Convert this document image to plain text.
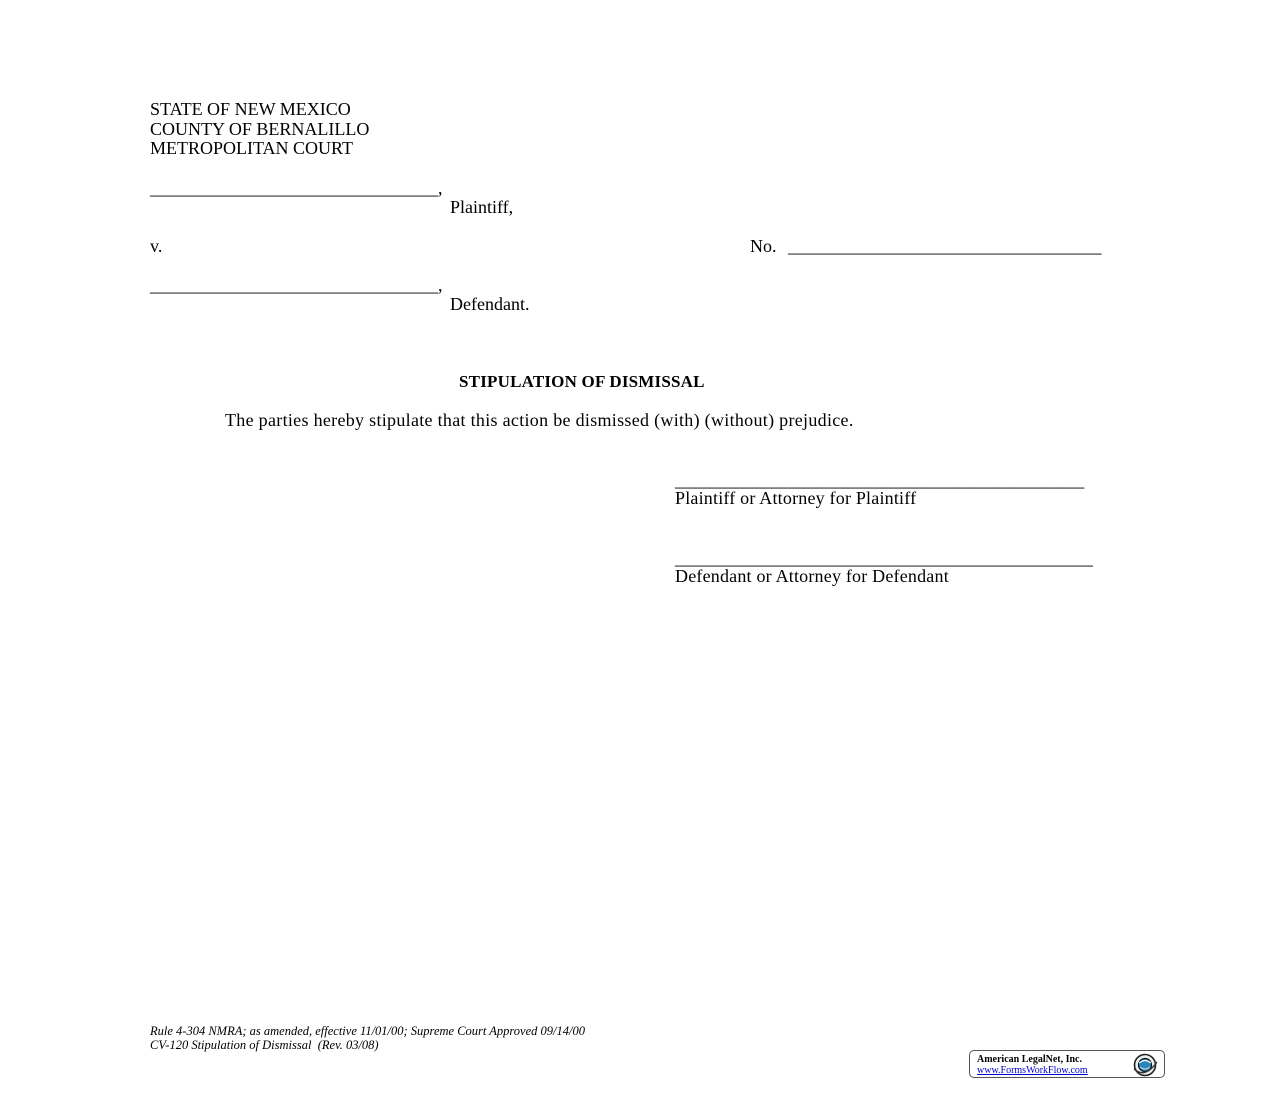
STATE OF NEW MEXICO
COUNTY OF BERNALILLO
METROPOLITAN COURT
________________________________,
Plaintiff,
v.	No. ____________________________________
________________________________,
Defendant.
STIPULATION OF DISMISSAL
The parties hereby stipulate that this action be dismissed (with) (without) prejudice.
_______________________________________________
Plaintiff or Attorney for Plaintiff
________________________________________________
Defendant or Attorney for Defendant
Rule 4-304 NMRA; as amended, effective 11/01/00; Supreme Court Approved 09/14/00
CV-120 Stipulation of Dismissal  (Rev. 03/08)
American LegalNet, Inc.
www.FormsWorkFlow.com
